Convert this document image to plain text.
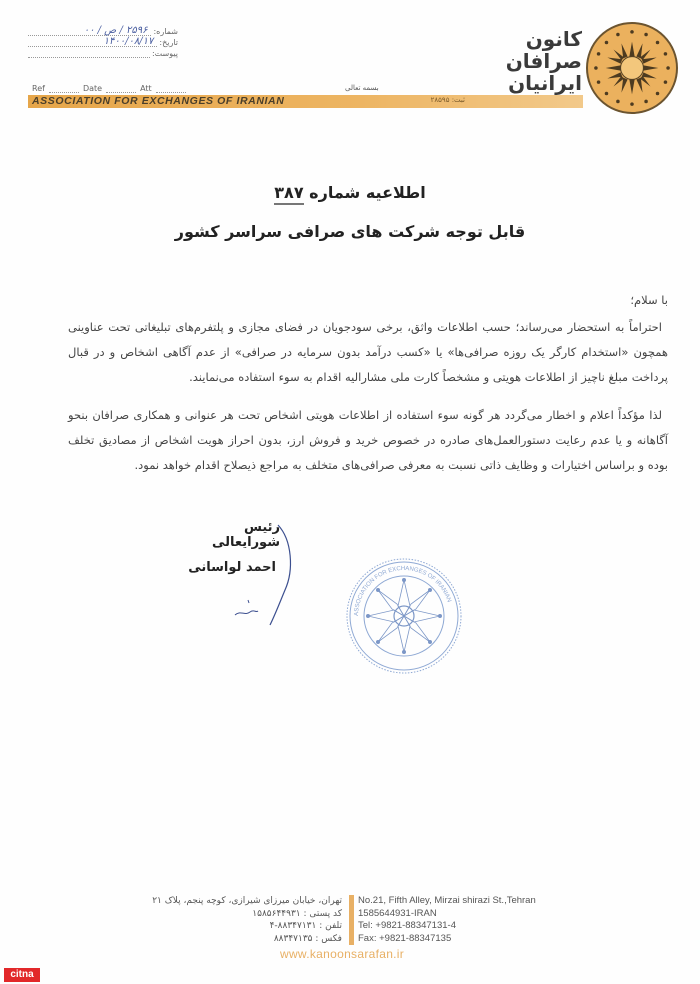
شماره:
۲۵۹۶ / ص / ۰۰
تاریخ:
۱۴۰۰/۰۸/۱۷
پیوست:
Ref	Date	Att	بسمه تعالی
ASSOCIATION FOR EXCHANGES OF IRANIAN	ثبت: ۲۸۵۹۵
کانون
صرافان
ایرانیان
اطلاعیه شماره ۳۸۷
قابل توجه شرکت های صرافی سراسر کشور
با سلام؛
احتراماً به استحضار می‌رساند؛ حسب اطلاعات واثق، برخی سودجویان در فضای مجازی و پلتفرم‌های تبلیغاتی تحت عناوینی همچون «استخدام کارگر یک روزه صرافی‌ها» یا «کسب درآمد بدون سرمایه در صرافی» از عدم آگاهی اشخاص و در قبال پرداخت مبلغ ناچیز از اطلاعات هویتی و مشخصاً کارت ملی مشارالیه اقدام به سوء استفاده می‌نمایند.
لذا مؤکداً اعلام و اخطار می‌گردد هر گونه سوء استفاده از اطلاعات هویتی اشخاص تحت هر عنوانی و همکاری صرافان بنحو آگاهانه و یا عدم رعایت دستورالعمل‌های صادره در خصوص خرید و فروش ارز، بدون احراز هویت اشخاص از مصادیق تخلف بوده و براساس اختیارات و وظایف ذاتی نسبت به معرفی صرافی‌های متخلف به مراجع ذیصلاح اقدام خواهد نمود.
رئیس شورایعالی
احمد لواسانی
ASSOCIATION FOR EXCHANGES OF IRANIAN
تهران، خیابان میرزای شیرازی، کوچه پنجم، پلاک ۲۱
کد پستی : ۱۵۸۵۶۴۴۹۳۱
تلفن : ۸۸۳۴۷۱۳۱-۴
فکس : ۸۸۳۴۷۱۳۵
No.21, Fifth Alley, Mirzai shirazi St.,Tehran
1585644931-IRAN
Tel: +9821-88347131-4
Fax: +9821-88347135
www.kanoonsarafan.ir
citna
